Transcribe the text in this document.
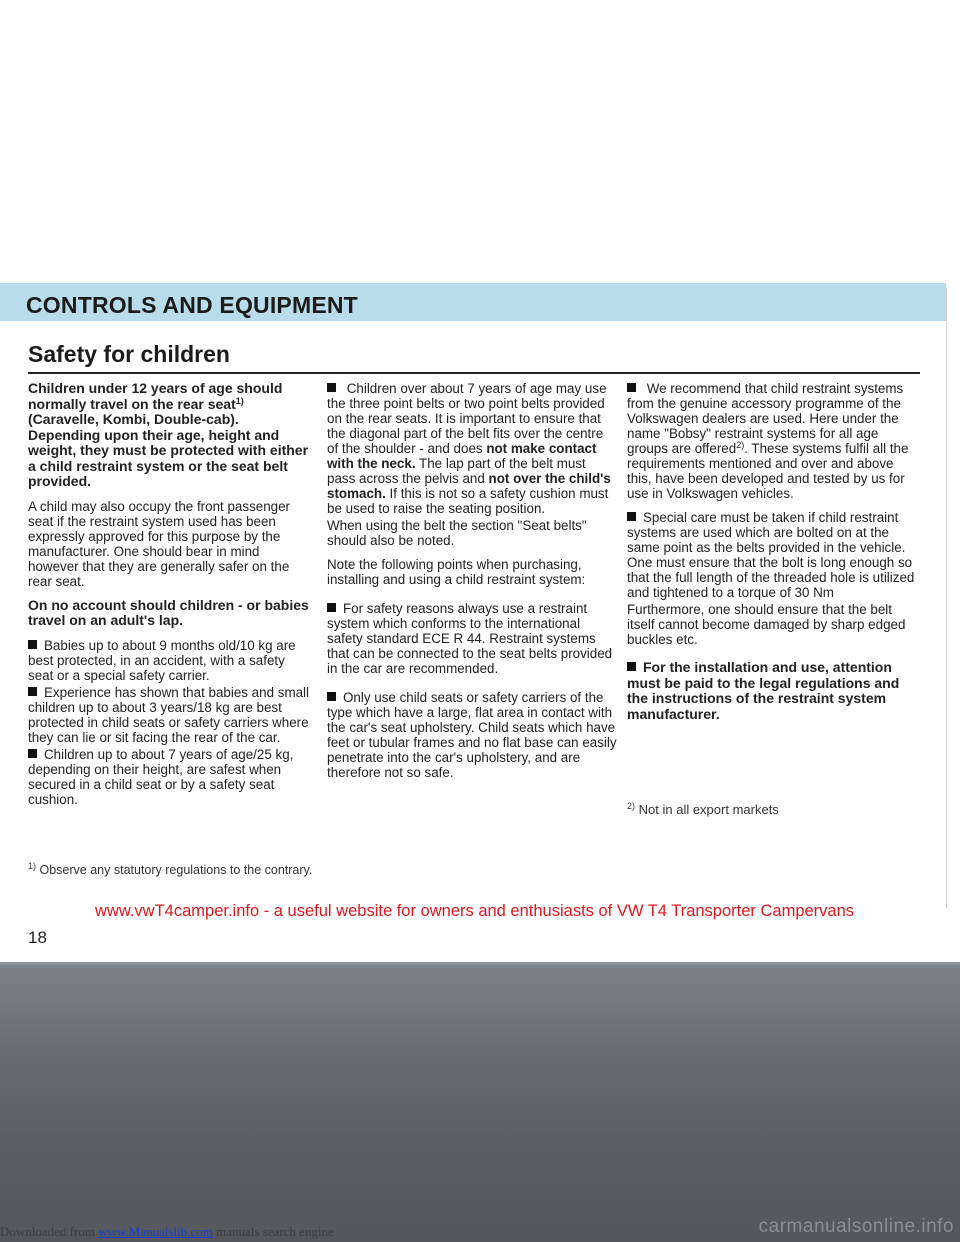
CONTROLS AND EQUIPMENT
Safety for children

Children under 12 years of age should normally travel on the rear seat$^{1)}$(Caravelle, Kombi, Double-cab). Depending upon their age, height and weight, they must be protected with either a child restraint system or the seat belt provided.

A child may also occupy the front passenger seat if the restraint system used has been expressly approved for this purpose by the manufacturer. One should bear in mind however that they are generally safer on the rear seat.

On no account should children - or babies travel on an adult's lap.

Babies up to about 9 months old/10 kg are best protected, in an accident, with a safety seat or a special safety carrier.

Experience has shown that babies and small children up to about 3 years/18 kg are best protected in child seats or safety carriers where they can lie or sit facing the rear of the car.

Children up to about 7 years of age/25 kg, depending on their height, are safest when secured in a child seat or by a safety seat cushion.

Children over about 7 years of age may use the three point belts or two point belts provided on the rear seats. It is important to ensure that the diagonal part of the belt fits over the centre of the shoulder - and does not make contact with the neck. The lap part of the belt must pass across the pelvis and not over the child's stomach. If this is not so a safety cushion must be used to raise the seating position.

When using the belt the section "Seat belts" should also be noted.

Note the following points when purchasing, installing and using a child restraint system:

For safety reasons always use a restraint system which conforms to the international safety standard ECE R 44. Restraint systems that can be connected to the seat belts provided in the car are recommended.

Only use child seats or safety carriers of the type which have a large, flat area in contact with the car's seat upholstery. Child seats which have feet or tubular frames and no flat base can easily penetrate into the car's upholstery, and are therefore not so safe.

We recommend that child restraint systems from the genuine accessory programme of the Volkswagen dealers are used. Here under the name "Bobsy" restraint systems for all age groups are offered$^{2)}$. These systems fulfil all the requirements mentioned and over and above this, have been developed and tested by us for use in Volkswagen vehicles.

Special care must be taken if child restraint systems are used which are bolted on at the same point as the belts provided in the vehicle. One must ensure that the bolt is long enough so that the full length of the threaded hole is utilized and tightened to a torque of 30 Nm

Furthermore, one should ensure that the belt itself cannot become damaged by sharp edged buckles etc.

For the installation and use, attention must be paid to the legal regulations and the instructions of the restraint system manufacturer.

$^{2)}$ Not in all export markets
$^{1)}$ Observe any statutory regulations to the contrary.
www.vwT4camper.info - a useful website for owners and enthusiasts of VW T4 Transporter Campervans
18
Downloaded from www.Manualslib.com manuals search engine	carmanualsonline.info
